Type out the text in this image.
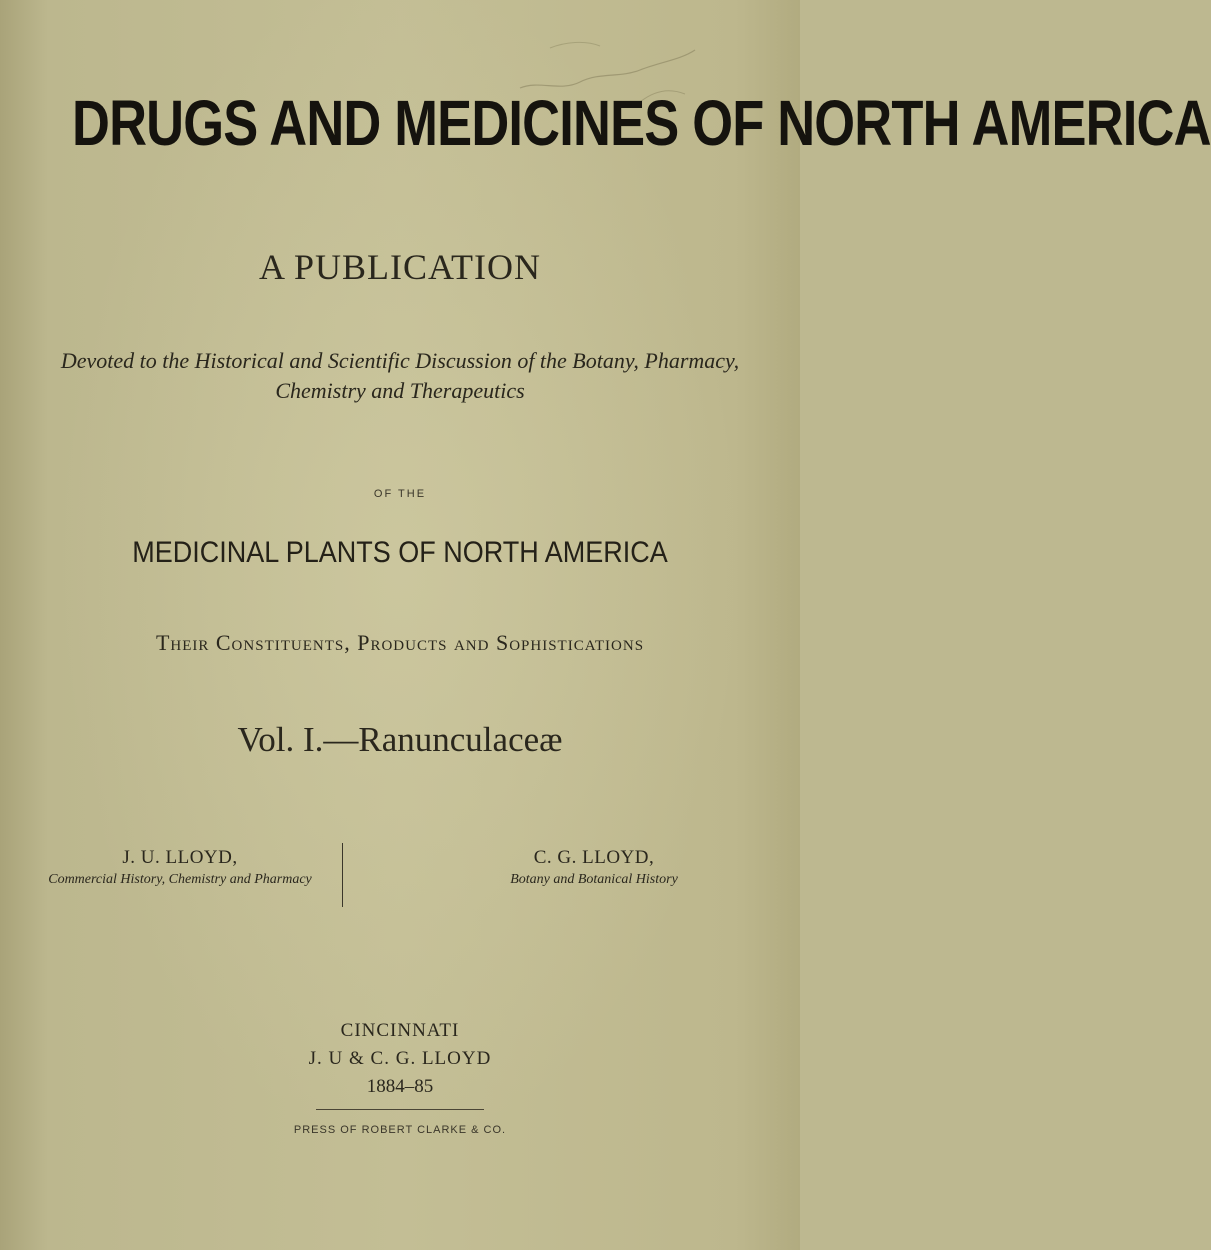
DRUGS AND MEDICINES OF NORTH AMERICA
A PUBLICATION
Devoted to the Historical and Scientific Discussion of the Botany, Pharmacy,
Chemistry and Therapeutics
OF THE
MEDICINAL PLANTS OF NORTH AMERICA
Their Constituents, Products and Sophistications
Vol. I.—Ranunculaceæ
J. U. LLOYD,
Commercial History, Chemistry and Pharmacy
C. G. LLOYD,
Botany and Botanical History
CINCINNATI
J. U & C. G. LLOYD
1884–85
PRESS OF ROBERT CLARKE & CO.
